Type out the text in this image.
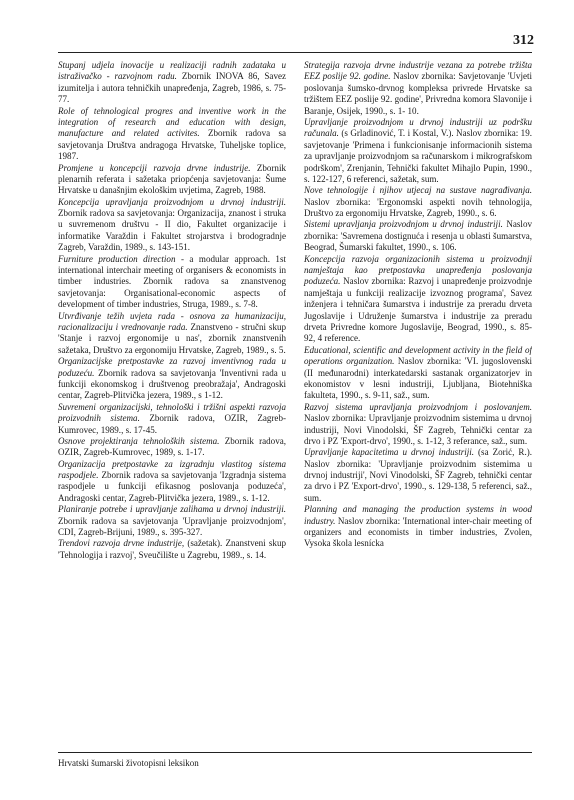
312

Stupanj udjela inovacije u realizaciji radnih zadataka u istraživačko - razvojnom radu. Zbornik INOVA 86, Savez izumitelja i autora tehničkih unapređenja, Zagreb, 1986, s. 75-77.

Role of tehnological progres and inventive work in the integration of research and education with design, manufacture and related activites. Zbornik radova sa savjetovanja Društva andragoga Hrvatske, Tuheljske toplice, 1987.

Promjene u koncepciji razvoja drvne industrije. Zbornik plenarnih referata i sažetaka priopćenja savjetovanja: Šume Hrvatske u današnjim ekološkim uvjetima, Zagreb, 1988.

Koncepcija upravljanja proizvodnjom u drvnoj industriji. Zbornik radova sa savjetovanja: Organizacija, znanost i struka u suvremenom društvu - II dio, Fakultet organizacije i informatike Varaždin i Fakultet strojarstva i brodogradnje Zagreb, Varaždin, 1989., s. 143-151.

Furniture production direction - a modular approach. 1st international interchair meeting of organisers & economists in timber industries. Zbornik radova sa znanstvenog savjetovanja: Organisational-economic aspects of development of timber industries, Struga, 1989., s. 7-8.

Utvrđivanje težih uvjeta rada - osnova za humanizaciju, racionalizaciju i vrednovanje rada. Znanstveno - stručni skup 'Stanje i razvoj ergonomije u nas', zbornik znanstvenih sažetaka, Društvo za ergonomiju Hrvatske, Zagreb, 1989., s. 5.

Organizacijske pretpostavke za razvoj inventivnog rada u poduzeću. Zbornik radova sa savjetovanja 'Inventivni rada u funkciji ekonomskog i društvenog preobražaja', Andragoski centar, Zagreb-Plitvička jezera, 1989., s 1-12.

Suvremeni organizacijski, tehnološki i tržišni aspekti razvoja proizvodnih sistema. Zbornik radova, OZIR, Zagreb-Kumrovec, 1989., s. 17-45.

Osnove projektiranja tehnoloških sistema. Zbornik radova, OZIR, Zagreb-Kumrovec, 1989, s. 1-17.

Organizacija pretpostavke za izgradnju vlastitog sistema raspodjele. Zbornik radova sa savjetovanja 'Izgradnja sistema raspodjele u funkciji efikasnog poslovanja poduzeća', Andragoski centar, Zagreb-Plitvička jezera, 1989., s. 1-12.

Planiranje potrebe i upravljanje zalihama u drvnoj industriji. Zbornik radova sa savjetovanja 'Upravljanje proizvodnjom', CDI, Zagreb-Brijuni, 1989., s. 395-327.

Trendovi razvoja drvne industrije, (sažetak). Znanstveni skup 'Tehnologija i razvoj', Sveučilište u Zagrebu, 1989., s. 14.

Strategija razvoja drvne industrije vezana za potrebe tržišta EEZ poslije 92. godine. Naslov zbornika: Savjetovanje 'Uvjeti poslovanja šumsko-drvnog kompleksa privrede Hrvatske sa tržištem EEZ poslije 92. godine', Privredna komora Slavonije i Baranje, Osijek, 1990., s. 1- 10.

Upravljanje proizvodnjom u drvnoj industriji uz podršku računala. (s Grladinović, T. i Kostal, V.). Naslov zbornika: 19. savjetovanje 'Primena i funkcionisanje informacionih sistema za upravljanje proizvodnjom sa računarskom i mikrografskom podrškom', Zrenjanin, Tehnički fakultet Mihajlo Pupin, 1990., s. 122-127, 6 referenci, sažetak, sum.

Nove tehnologije i njihov utjecaj na sustave nagrađivanja. Naslov zbornika: 'Ergonomski aspekti novih tehnologija, Društvo za ergonomiju Hrvatske, Zagreb, 1990., s. 6.

Sistemi upravljanja proizvodnjom u drvnoj industriji. Naslov zbornika: 'Savremena dostignuća i resenja u oblasti šumarstva, Beograd, Šumarski fakultet, 1990., s. 106.

Koncepcija razvoja organizacionih sistema u proizvodnji namještaja kao pretpostavka unapređenja poslovanja poduzeća. Naslov zbornika: Razvoj i unapređenje proizvodnje namještaja u funkciji realizacije izvoznog programa', Savez inženjera i tehničara šumarstva i industrije za preradu drveta Jugoslavije i Udruženje šumarstva i industrije za preradu drveta Privredne komore Jugoslavije, Beograd, 1990., s. 85-92, 4 reference.

Educational, scientific and development activity in the field of operations organization. Naslov zbornika: 'VI. jugoslovenski (II međunarodni) interkatedarski sastanak organizatorjev in ekonomistov v lesni industriji, Ljubljana, Biotehniška fakulteta, 1990., s. 9-11, saž., sum.

Razvoj sistema upravljanja proizvodnjom i poslovanjem. Naslov zbornika: Upravljanje proizvodnim sistemima u drvnoj industriji, Novi Vinodolski, ŠF Zagreb, Tehnički centar za drvo i PZ 'Export-drvo', 1990., s. 1-12, 3 referance, saž., sum.

Upravljanje kapacitetima u drvnoj industriji. (sa Zorić, R.). Naslov zbornika: 'Upravljanje proizvodnim sistemima u drvnoj industriji', Novi Vinodolski, ŠF Zagreb, tehnički centar za drvo i PZ 'Export-drvo', 1990., s. 129-138, 5 referenci, saž., sum.

Planning and managing the production systems in wood industry. Naslov zbornika: 'International inter-chair meeting of organizers and economists in timber industries, Zvolen, Vysoka škola lesnícka

Hrvatski šumarski životopisni leksikon
